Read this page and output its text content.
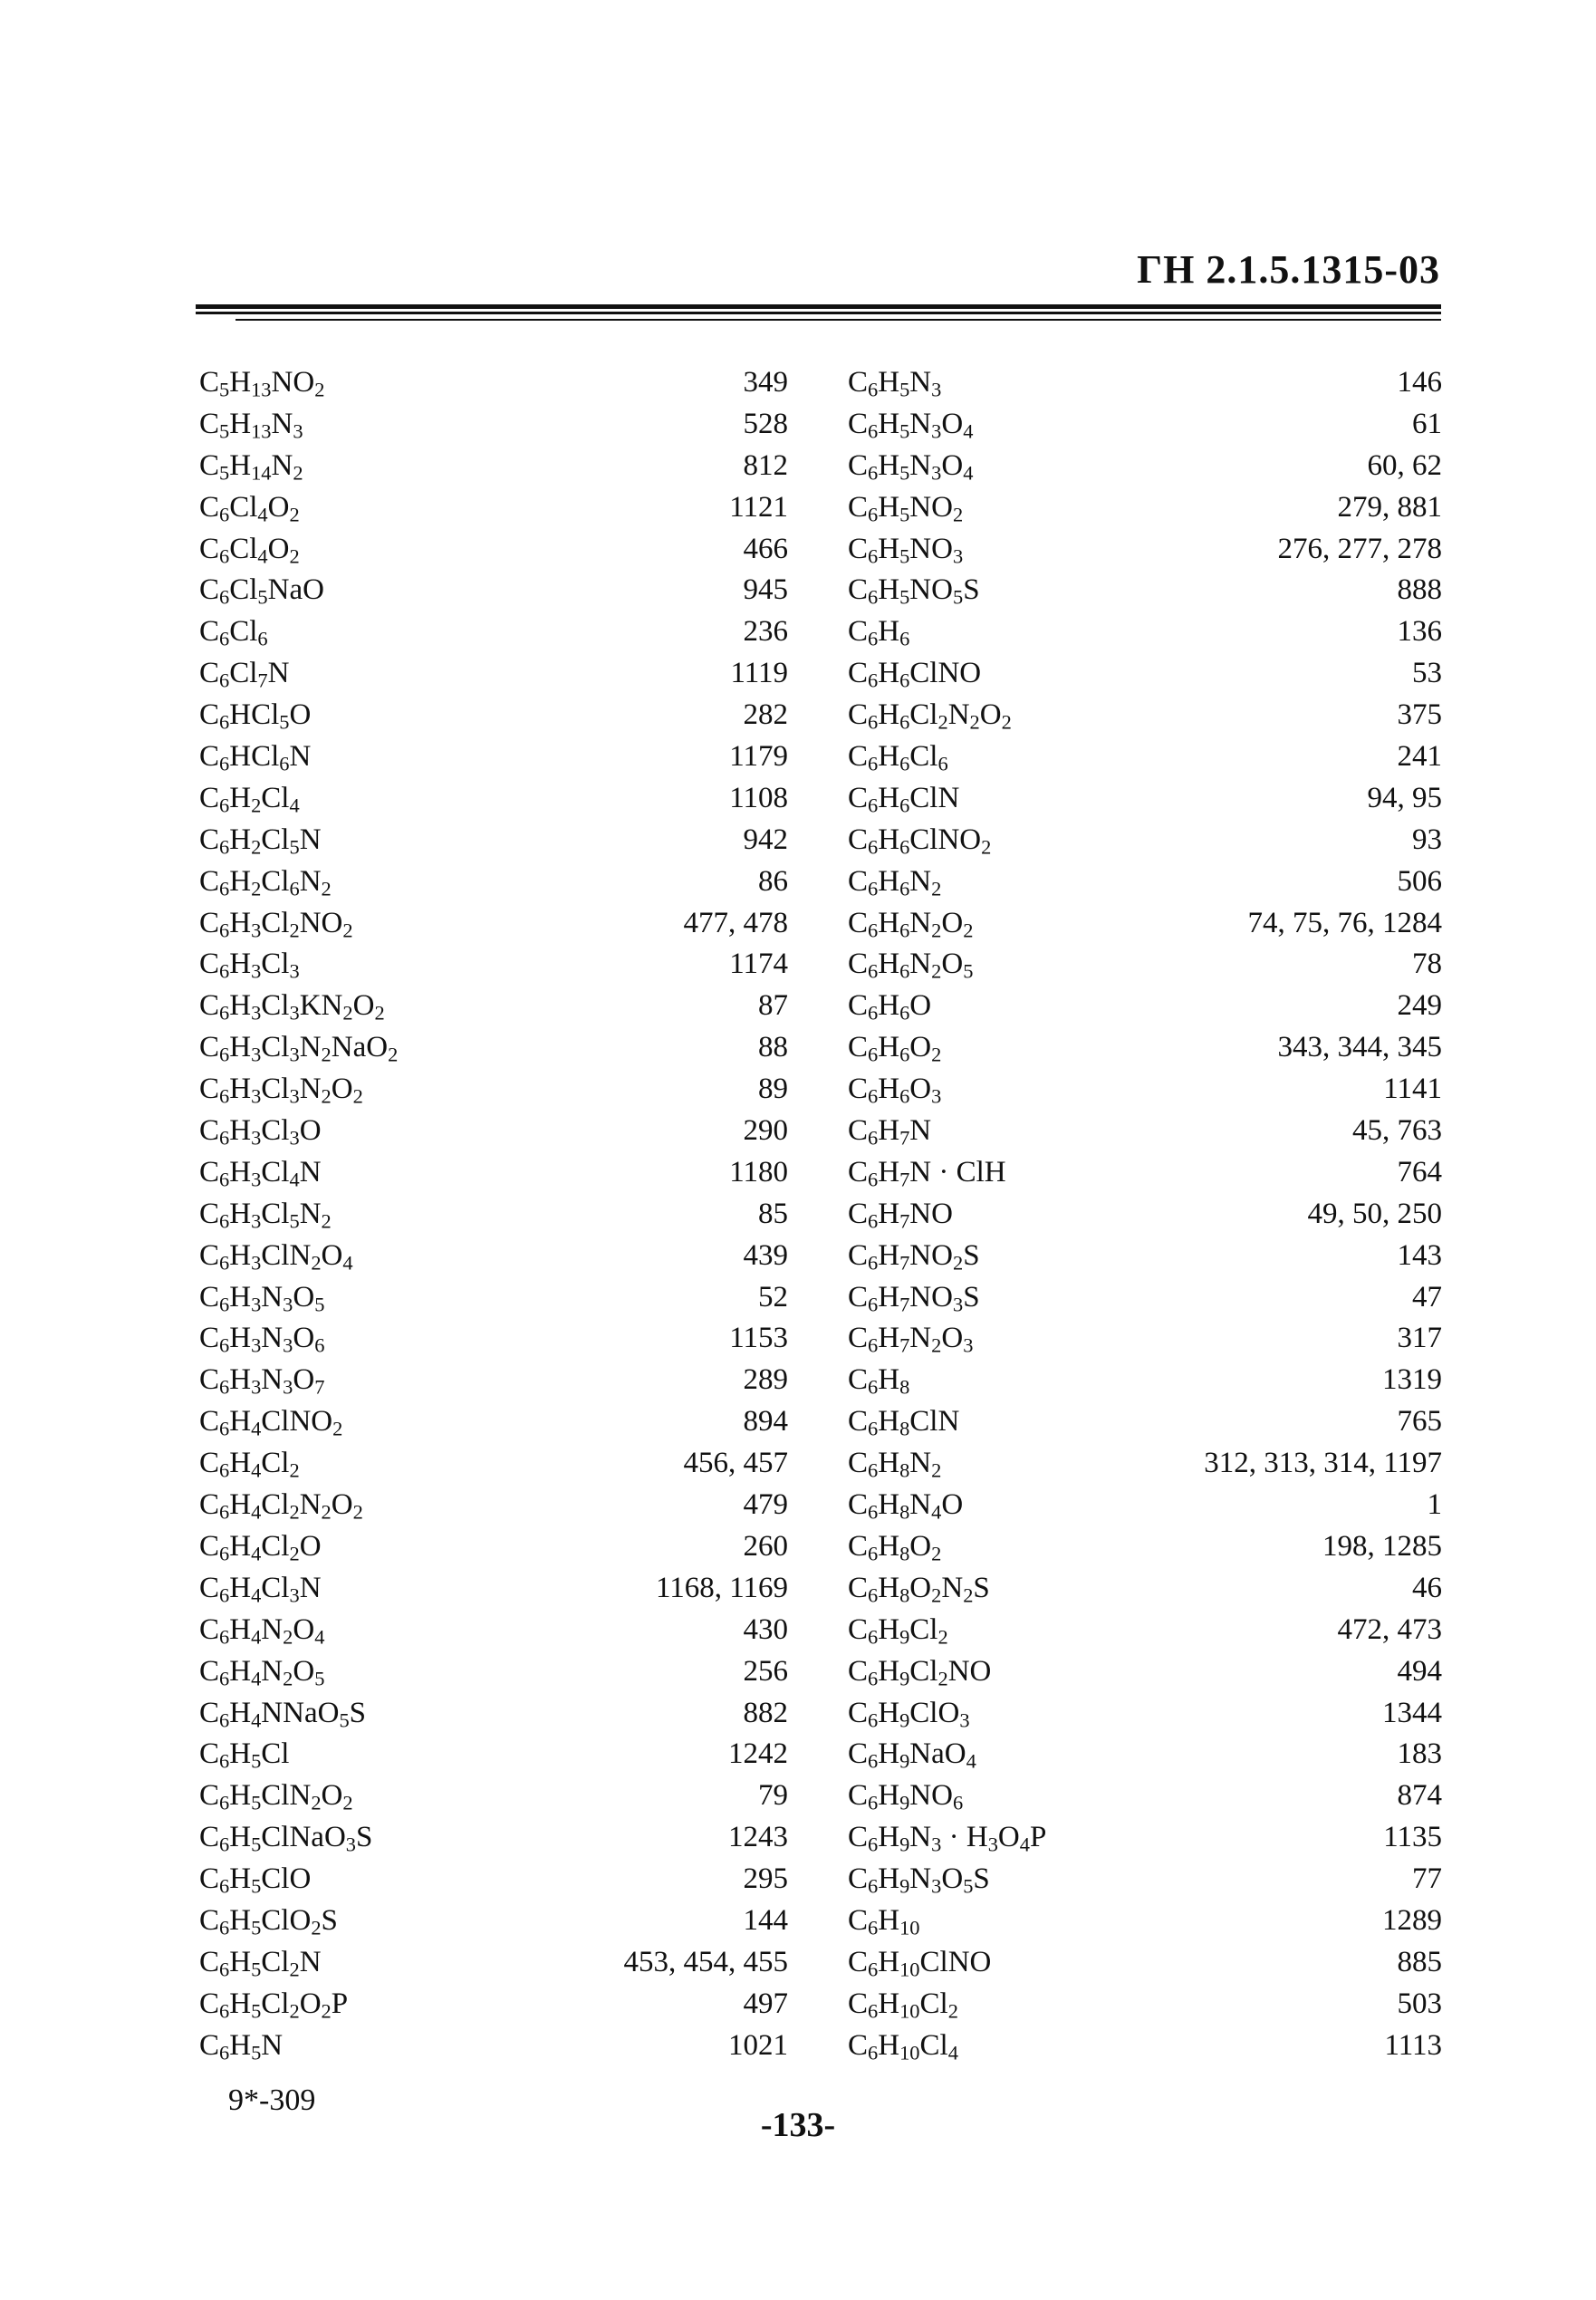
ГН 2.1.5.1315-03
$C_5H_{13}NO_2$	349
$C_5H_{13}N_3$	528
$C_5H_{14}N_2$	812
$C_6Cl_4O_2$	1121
$C_6Cl_4O_2$	466
$C_6Cl_5NaO$	945
$C_6Cl_6$	236
$C_6Cl_7N$	1119
$C_6HCl_5O$	282
$C_6HCl_6N$	1179
$C_6H_2Cl_4$	1108
$C_6H_2Cl_5N$	942
$C_6H_2Cl_6N_2$	86
$C_6H_3Cl_2NO_2$	477, 478
$C_6H_3Cl_3$	1174
$C_6H_3Cl_3KN_2O_2$	87
$C_6H_3Cl_3N_2NaO_2$	88
$C_6H_3Cl_3N_2O_2$	89
$C_6H_3Cl_3O$	290
$C_6H_3Cl_4N$	1180
$C_6H_3Cl_5N_2$	85
$C_6H_3ClN_2O_4$	439
$C_6H_3N_3O_5$	52
$C_6H_3N_3O_6$	1153
$C_6H_3N_3O_7$	289
$C_6H_4ClNO_2$	894
$C_6H_4Cl_2$	456, 457
$C_6H_4Cl_2N_2O_2$	479
$C_6H_4Cl_2O$	260
$C_6H_4Cl_3N$	1168, 1169
$C_6H_4N_2O_4$	430
$C_6H_4N_2O_5$	256
$C_6H_4NNaO_5S$	882
$C_6H_5Cl$	1242
$C_6H_5ClN_2O_2$	79
$C_6H_5ClNaO_3S$	1243
$C_6H_5ClO$	295
$C_6H_5ClO_2S$	144
$C_6H_5Cl_2N$	453, 454, 455
$C_6H_5Cl_2O_2P$	497
$C_6H_5N$	1021
$C_6H_5N_3$	146
$C_6H_5N_3O_4$	61
$C_6H_5N_3O_4$	60, 62
$C_6H_5NO_2$	279, 881
$C_6H_5NO_3$	276, 277, 278
$C_6H_5NO_5S$	888
$C_6H_6$	136
$C_6H_6ClNO$	53
$C_6H_6Cl_2N_2O_2$	375
$C_6H_6Cl_6$	241
$C_6H_6ClN$	94, 95
$C_6H_6ClNO_2$	93
$C_6H_6N_2$	506
$C_6H_6N_2O_2$	74, 75, 76, 1284
$C_6H_6N_2O_5$	78
$C_6H_6O$	249
$C_6H_6O_2$	343, 344, 345
$C_6H_6O_3$	1141
$C_6H_7N$	45, 763
$C_6H_7N$ · ClH	764
$C_6H_7NO$	49, 50, 250
$C_6H_7NO_2S$	143
$C_6H_7NO_3S$	47
$C_6H_7N_2O_3$	317
$C_6H_8$	1319
$C_6H_8ClN$	765
$C_6H_8N_2$	312, 313, 314, 1197
$C_6H_8N_4O$	1
$C_6H_8O_2$	198, 1285
$C_6H_8O_2N_2S$	46
$C_6H_9Cl_2$	472, 473
$C_6H_9Cl_2NO$	494
$C_6H_9ClO_3$	1344
$C_6H_9NaO_4$	183
$C_6H_9NO_6$	874
$C_6H_9N_3 \cdot H_3O_4P$	1135
$C_6H_9N_3O_5S$	77
$C_6H_{10}$	1289
$C_6H_{10}ClNO$	885
$C_6H_{10}Cl_2$	503
$C_6H_{10}Cl_4$	1113
9*-309
-133-
